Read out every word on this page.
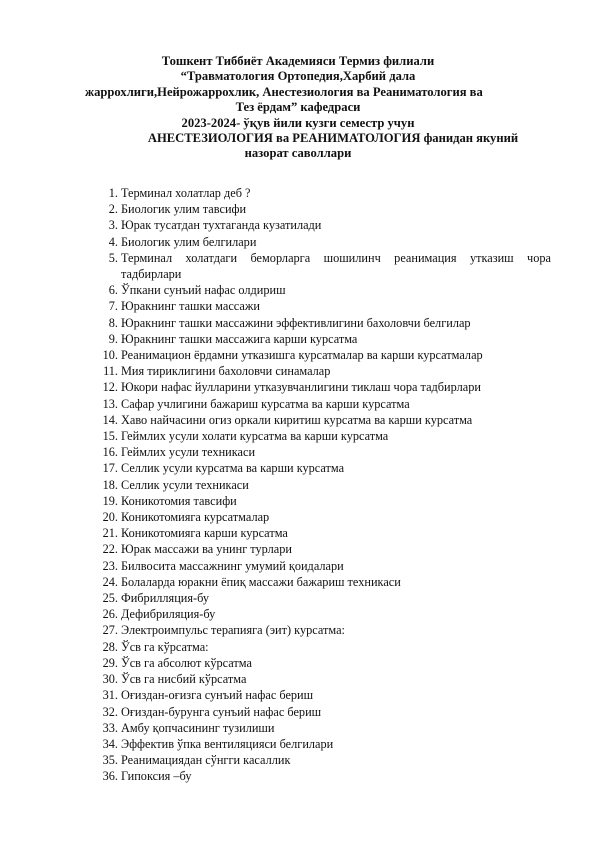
Тошкент Тиббиёт Академияси Термиз филиали
“Травматология Ортопедия,Харбий дала
жаррохлиги,Нейрожаррохлик, Анестезиология ва Реаниматология ва
Тез ёрдам” кафедраси
2023-2024- ўқув йили кузги семестр учун
АНЕСТЕЗИОЛОГИЯ ва РЕАНИМАТОЛОГИЯ фанидан якуний
назорат саволлари
1. Терминал холатлар деб ?
2. Биологик улим тавсифи
3. Юрак тусатдан тухтаганда кузатилади
4. Биологик улим белгилари
5. Терминал холатдаги беморларга шошилинч реанимация утказиш чора тадбирлари
6. Ўпкани сунъий нафас олдириш
7. Юракнинг ташки массажи
8. Юракнинг ташки массажини эффективлигини бахоловчи белгилар
9. Юракнинг ташки массажига карши курсатма
10. Реанимацион ёрдамни утказишга курсатмалар ва карши курсатмалар
11. Мия тириклигини бахоловчи синамалар
12. Юкори нафас йулларини утказувчанлигини тиклаш чора тадбирлари
13. Сафар учлигини бажариш курсатма ва карши курсатма
14. Хаво найчасини огиз оркали киритиш курсатма ва карши курсатма
15. Геймлих усули холати курсатма ва карши курсатма
16. Геймлих усули техникаси
17. Селлик усули курсатма ва карши курсатма
18. Селлик усули техникаси
19. Коникотомия тавсифи
20. Коникотомияга курсатмалар
21. Коникотомияга карши курсатма
22. Юрак массажи ва унинг турлари
23. Билвосита массажнинг умумий қоидалари
24. Болаларда юракни ёпиқ массажи бажариш техникаси
25. Фибрилляция-бу
26. Дефибриляция-бу
27. Электроимпульс терапияга (эит) курсатма:
28. Ўсв га кўрсатма:
29. Ўсв га абсолют кўрсатма
30. Ўсв га нисбий кўрсатма
31. Оғиздан-оғизга сунъий нафас бериш
32. Оғиздан-бурунга сунъий нафас бериш
33. Амбу қопчасининг тузилиши
34. Эффектив ўпка вентиляцияси белгилари
35. Реанимациядан сўнгги касаллик
36. Гипоксия –бу
